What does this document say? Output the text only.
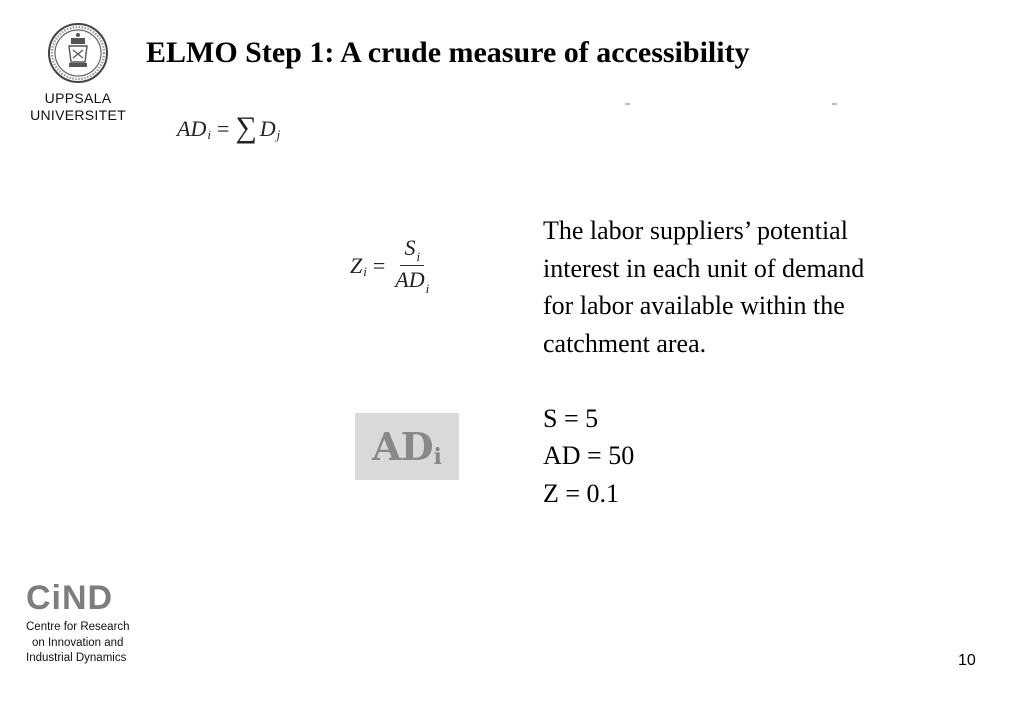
UPPSALA
UNIVERSITET
ELMO Step 1: A crude measure of accessibility
AD i = ∑ D j
Z $i = \frac{S_i}{AD_i}$
AD i

The labor suppliers’ potential

interest in each unit of demand

for labor available within the

catchment area.

S = 5

AD = 50

Z = 0.1

CiND
Centre for Research
on Innovation and
Industrial Dynamics	10
